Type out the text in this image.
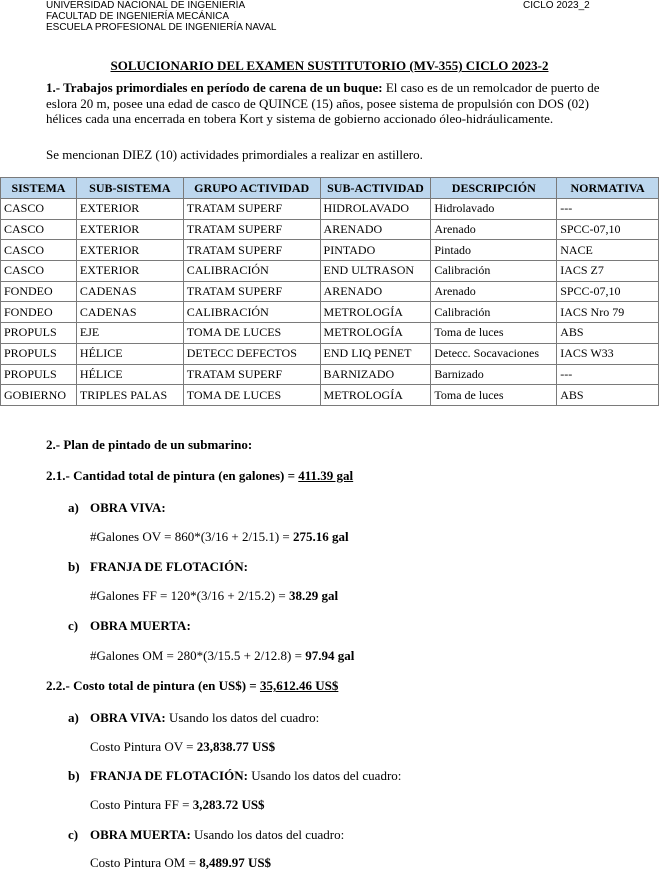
UNIVERSIDAD NACIONAL DE INGENIERÍA
FACULTAD DE INGENIERÍA MECÁNICA
ESCUELA PROFESIONAL DE INGENIERÍA NAVAL
CICLO 2023_2
SOLUCIONARIO DEL EXAMEN SUSTITUTORIO (MV-355) CICLO 2023-2
1.- Trabajos primordiales en período de carena de un buque: El caso es de un remolcador de puerto de eslora 20 m, posee una edad de casco de QUINCE (15) años, posee sistema de propulsión con DOS (02) hélices cada una encerrada en tobera Kort y sistema de gobierno accionado óleo-hidráulicamente.
Se mencionan DIEZ (10) actividades primordiales a realizar en astillero.
SISTEMA	SUB-SISTEMA	GRUPO ACTIVIDAD	SUB-ACTIVIDAD	DESCRIPCIÓN	NORMATIVA
CASCO	EXTERIOR	TRATAM SUPERF	HIDROLAVADO	Hidrolavado	---
CASCO	EXTERIOR	TRATAM SUPERF	ARENADO	Arenado	SPCC-07,10
CASCO	EXTERIOR	TRATAM SUPERF	PINTADO	Pintado	NACE
CASCO	EXTERIOR	CALIBRACIÓN	END ULTRASON	Calibración	IACS Z7
FONDEO	CADENAS	TRATAM SUPERF	ARENADO	Arenado	SPCC-07,10
FONDEO	CADENAS	CALIBRACIÓN	METROLOGÍA	Calibración	IACS Nro 79
PROPULS	EJE	TOMA DE LUCES	METROLOGÍA	Toma de luces	ABS
PROPULS	HÉLICE	DETECC DEFECTOS	END LIQ PENET	Detecc. Socavaciones	IACS W33
PROPULS	HÉLICE	TRATAM SUPERF	BARNIZADO	Barnizado	---
GOBIERNO	TRIPLES PALAS	TOMA DE LUCES	METROLOGÍA	Toma de luces	ABS
2.- Plan de pintado de un submarino:
2.1.- Cantidad total de pintura (en galones) = 411.39 gal
a) OBRA VIVA:
#Galones OV = 860*(3/16 + 2/15.1) = 275.16 gal
b) FRANJA DE FLOTACIÓN:
#Galones FF = 120*(3/16 + 2/15.2) = 38.29 gal
c) OBRA MUERTA:
#Galones OM = 280*(3/15.5 + 2/12.8) = 97.94 gal
2.2.- Costo total de pintura (en US$) = 35,612.46 US$
a) OBRA VIVA: Usando los datos del cuadro:
Costo Pintura OV = 23,838.77 US$
b) FRANJA DE FLOTACIÓN: Usando los datos del cuadro:
Costo Pintura FF = 3,283.72 US$
c) OBRA MUERTA: Usando los datos del cuadro:
Costo Pintura OM = 8,489.97 US$
